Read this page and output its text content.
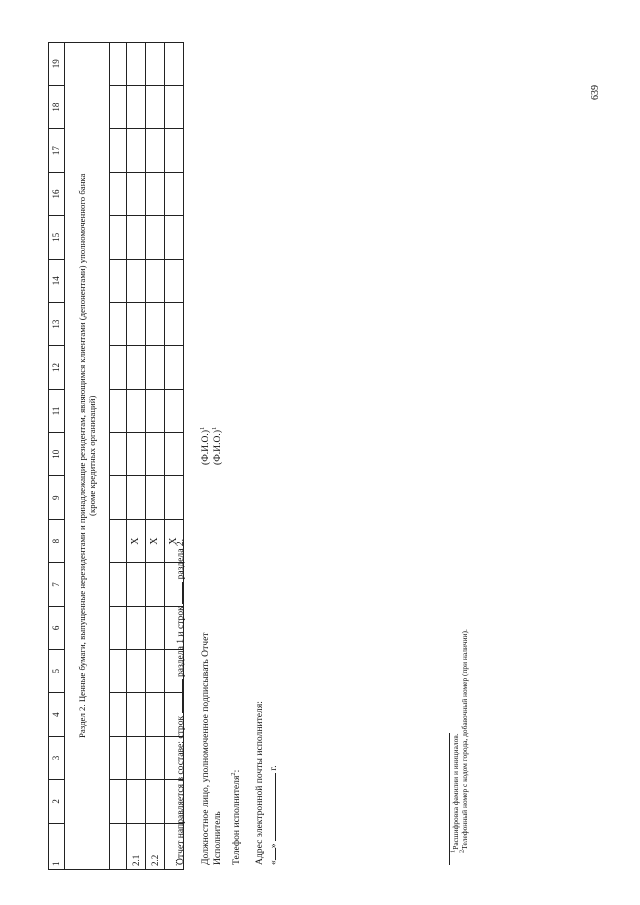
1	2	3	4	5	6	7	8	9	10	11	12	13	14	15	16	17	18	19
Раздел 2. Ценные бумаги, выпущенные нерезидентами и принадлежащие резидентам, являющимся клиентами (депонентами) уполномоченного банка
(кроме кредитных организаций)																		

2.1							X											
2.2							X											
...							X											
Отчет направляется в составе: строк  раздела 1 и строк  раздела 2.
Должностное лицо, уполномоченное подписывать Отчет
$(Ф.И.О.)^1$
Исполнитель
$(Ф.И.О.)^1$
Телефон исполнителя$^2$: Адрес электронной почты исполнителя: «»  г.
$^1$Расшифровка фамилии и инициалов.
$^2$Телефонный номер с кодом города, добавочный номер (при наличии).
639
